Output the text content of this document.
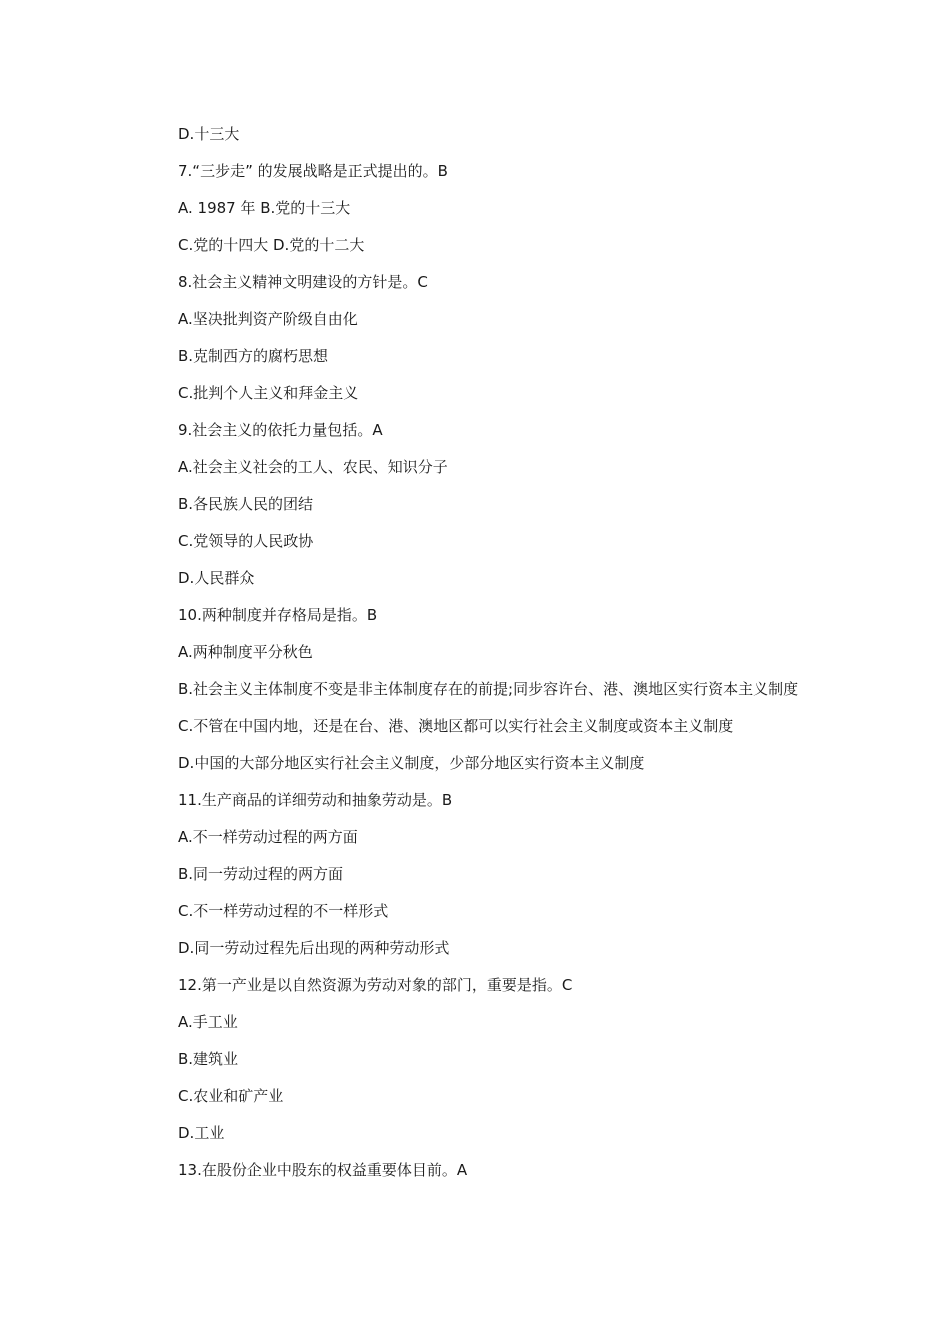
D.十三大

7.“三步走” 的发展战略是正式提出的。B

A. 1987 年 B.党的十三大

C.党的十四大 D.党的十二大

8.社会主义精神文明建设的方针是。C

A.坚决批判资产阶级自由化

B.克制西方的腐朽思想

C.批判个人主义和拜金主义

9.社会主义的依托力量包括。A

A.社会主义社会的工人、农民、知识分子

B.各民族人民的团结

C.党领导的人民政协

D.人民群众

10.两种制度并存格局是指。B

A.两种制度平分秋色

B.社会主义主体制度不变是非主体制度存在的前提;同步容许台、港、澳地区实行资本主义制度

C.不管在中国内地，还是在台、港、澳地区都可以实行社会主义制度或资本主义制度

D.中国的大部分地区实行社会主义制度，少部分地区实行资本主义制度

11.生产商品的详细劳动和抽象劳动是。B

A.不一样劳动过程的两方面

B.同一劳动过程的两方面

C.不一样劳动过程的不一样形式

D.同一劳动过程先后出现的两种劳动形式

12.第一产业是以自然资源为劳动对象的部门，重要是指。C

A.手工业

B.建筑业

C.农业和矿产业

D.工业

13.在股份企业中股东的权益重要体目前。A
